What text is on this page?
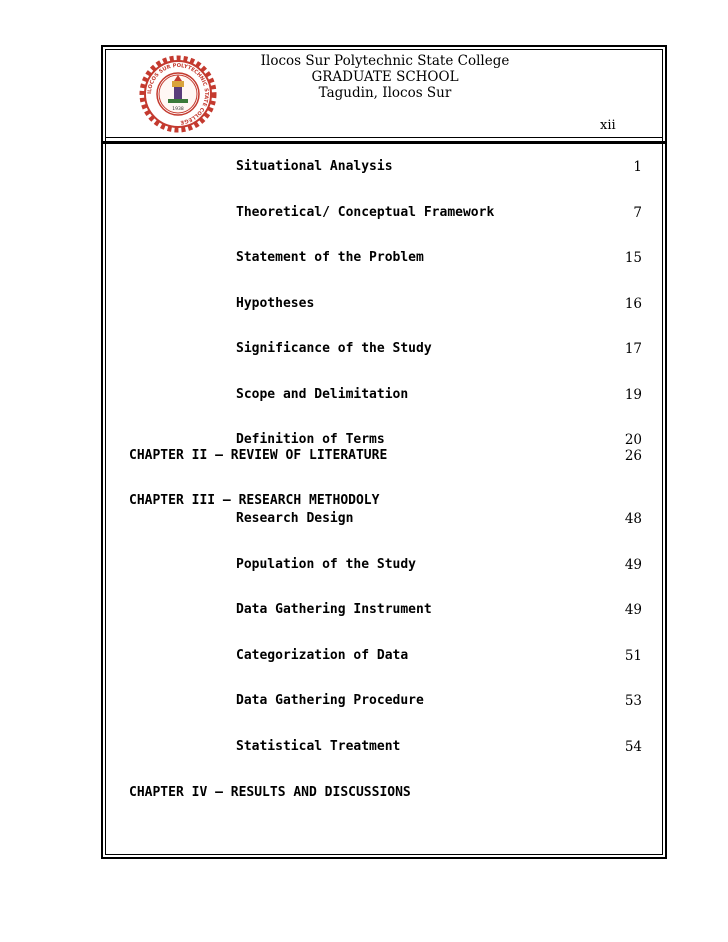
ILOCOS SUR POLYTECHNIC STATE COLLEGE
1938
Ilocos Sur Polytechnic State College
GRADUATE SCHOOL
Tagudin, Ilocos Sur
xii
Situational Analysis	1
Theoretical/ Conceptual Framework	7
Statement of the Problem	15
Hypotheses	16
Significance of the Study	17
Scope and Delimitation	19
Definition of Terms	20
CHAPTER II – REVIEW OF LITERATURE	26
CHAPTER III – RESEARCH METHODOLY
Research Design	48
Population of the Study	49
Data Gathering Instrument	49
Categorization of Data	51
Data Gathering Procedure	53
Statistical Treatment	54
CHAPTER IV – RESULTS AND DISCUSSIONS
